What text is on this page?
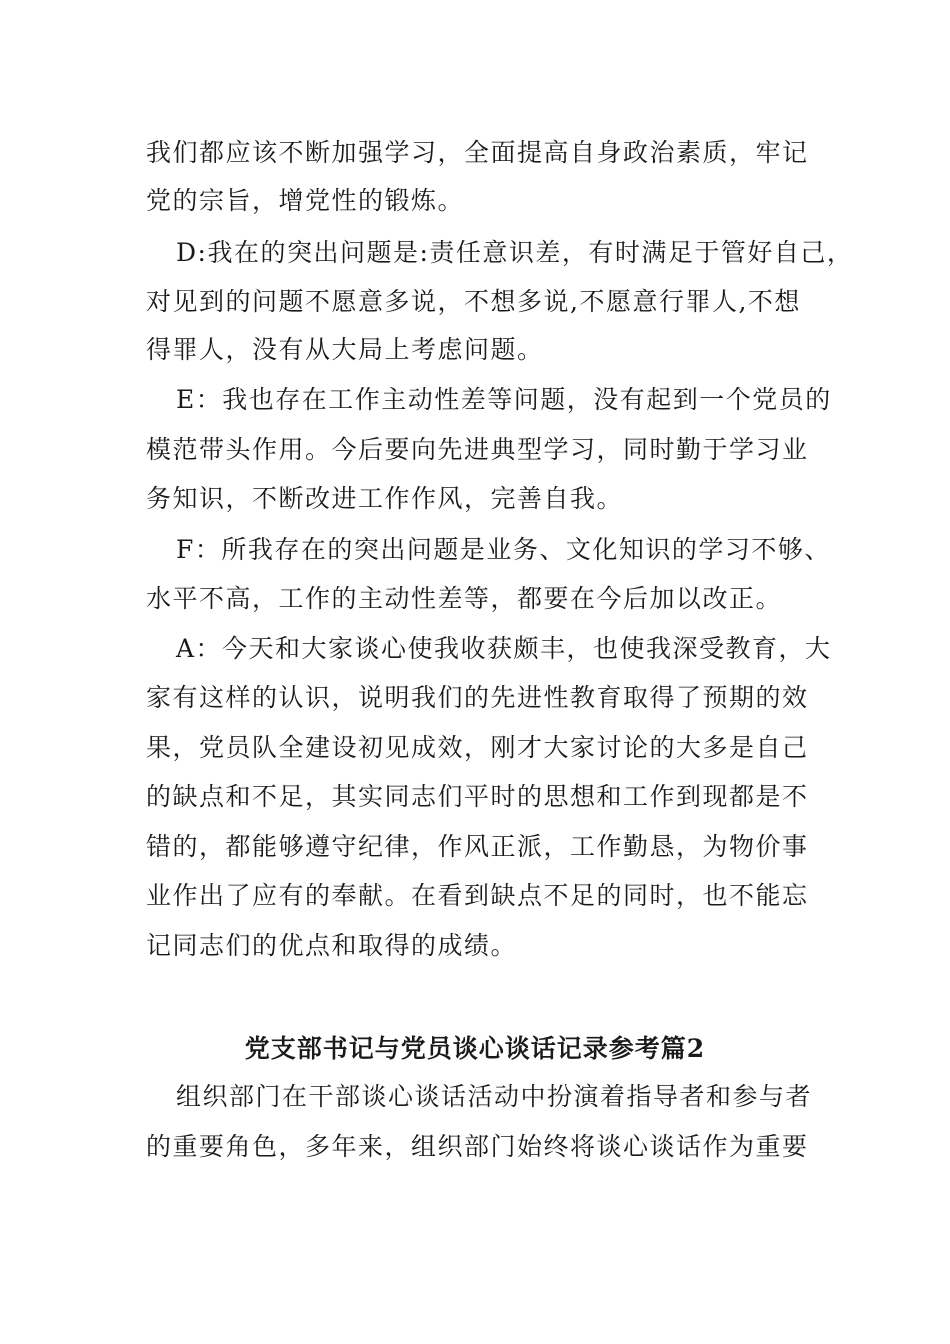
我们都应该不断加强学习，全面提高自身政治素质，牢记
党的宗旨，增党性的锻炼。
D:我在的突出问题是:责任意识差，有时满足于管好自己，
对见到的问题不愿意多说，不想多说,不愿意行罪人,不想
得罪人，没有从大局上考虑问题。
E：我也存在工作主动性差等问题，没有起到一个党员的
模范带头作用。今后要向先进典型学习，同时勤于学习业
务知识，不断改进工作作风，完善自我。
F：所我存在的突出问题是业务、文化知识的学习不够、
水平不高，工作的主动性差等，都要在今后加以改正。
A：今天和大家谈心使我收获颇丰，也使我深受教育，大
家有这样的认识，说明我们的先进性教育取得了预期的效
果，党员队全建设初见成效，刚才大家讨论的大多是自己
的缺点和不足，其实同志们平时的思想和工作到现都是不
错的，都能够遵守纪律，作风正派，工作勤恳，为物价事
业作出了应有的奉献。在看到缺点不足的同时，也不能忘
记同志们的优点和取得的成绩。
党支部书记与党员谈心谈话记录参考篇2
组织部门在干部谈心谈话活动中扮演着指导者和参与者
的重要角色，多年来，组织部门始终将谈心谈话作为重要
